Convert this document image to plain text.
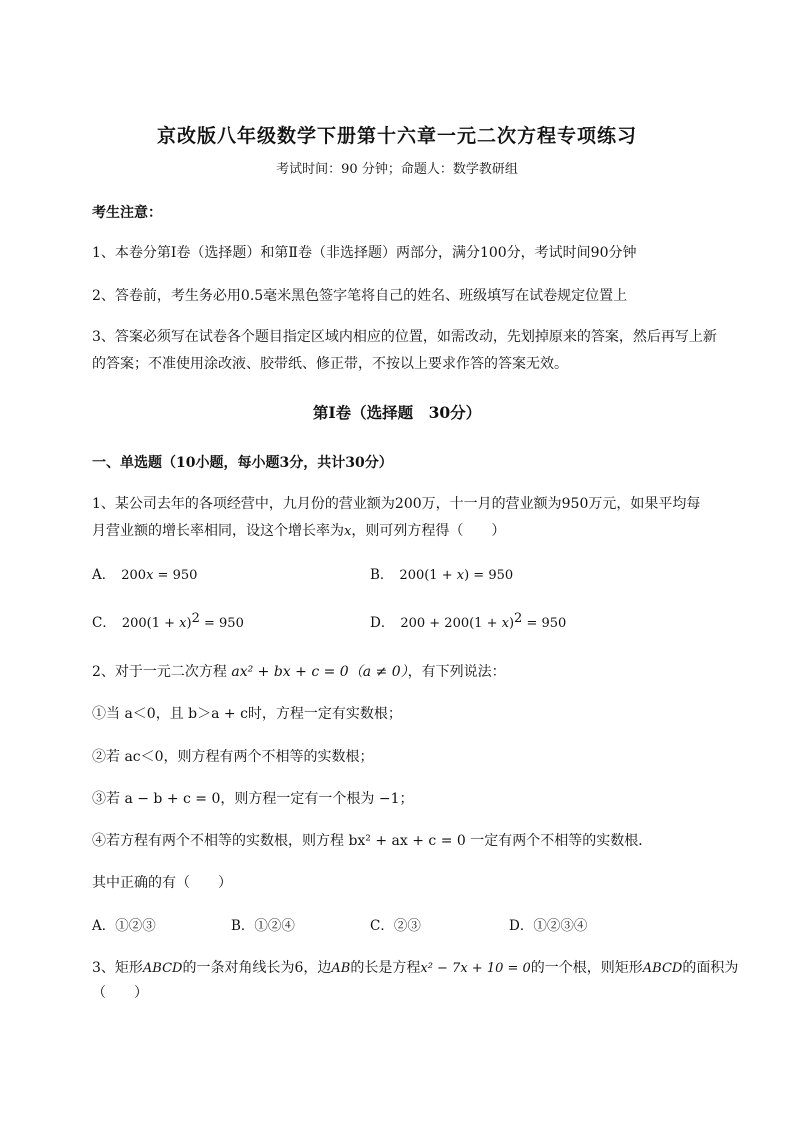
京改版八年级数学下册第十六章一元二次方程专项练习
考试时间：90 分钟；命题人：数学教研组
考生注意：
1、本卷分第I卷（选择题）和第Ⅱ卷（非选择题）两部分，满分100分，考试时间90分钟
2、答卷前，考生务必用0.5毫米黑色签字笔将自己的姓名、班级填写在试卷规定位置上
3、答案必须写在试卷各个题目指定区域内相应的位置，如需改动，先划掉原来的答案，然后再写上新
的答案；不准使用涂改液、胶带纸、修正带，不按以上要求作答的答案无效。
第I卷（选择题　30分）
一、单选题（10小题，每小题3分，共计30分）
1、某公司去年的各项经营中，九月份的营业额为200万，十一月的营业额为950万元，如果平均每
月营业额的增长率相同，设这个增长率为x，则可列方程得（　　）
A． 200x = 950	B． 200(1 + x) = 950
C． $200(1 + x)^2 = 950$	D． $200 + 200(1 + x)^2 = 950$
2、对于一元二次方程 ax² + bx + c = 0（a ≠ 0），有下列说法：
①当 a＜0，且 b＞a + c时，方程一定有实数根；
②若 ac＜0，则方程有两个不相等的实数根；
③若 a − b + c = 0，则方程一定有一个根为 −1；
④若方程有两个不相等的实数根，则方程 bx² + ax + c = 0 一定有两个不相等的实数根．
其中正确的有（　　）
A．①②③	B．①②④	C．②③	D．①②③④
3、矩形ABCD的一条对角线长为6，边AB的长是方程x² − 7x + 10 = 0的一个根，则矩形ABCD的面积为
（　　）
